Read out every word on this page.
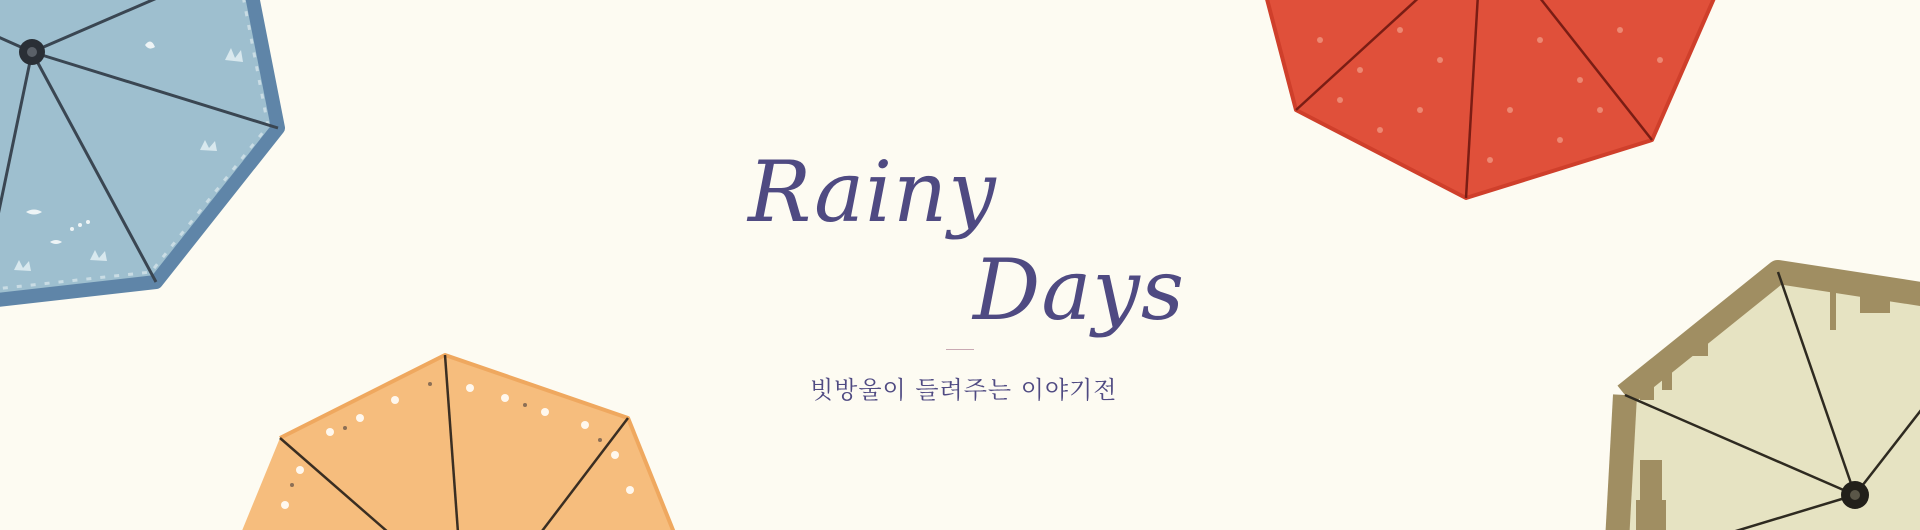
Rainy
Days
빗방울이 들려주는 이야기전
